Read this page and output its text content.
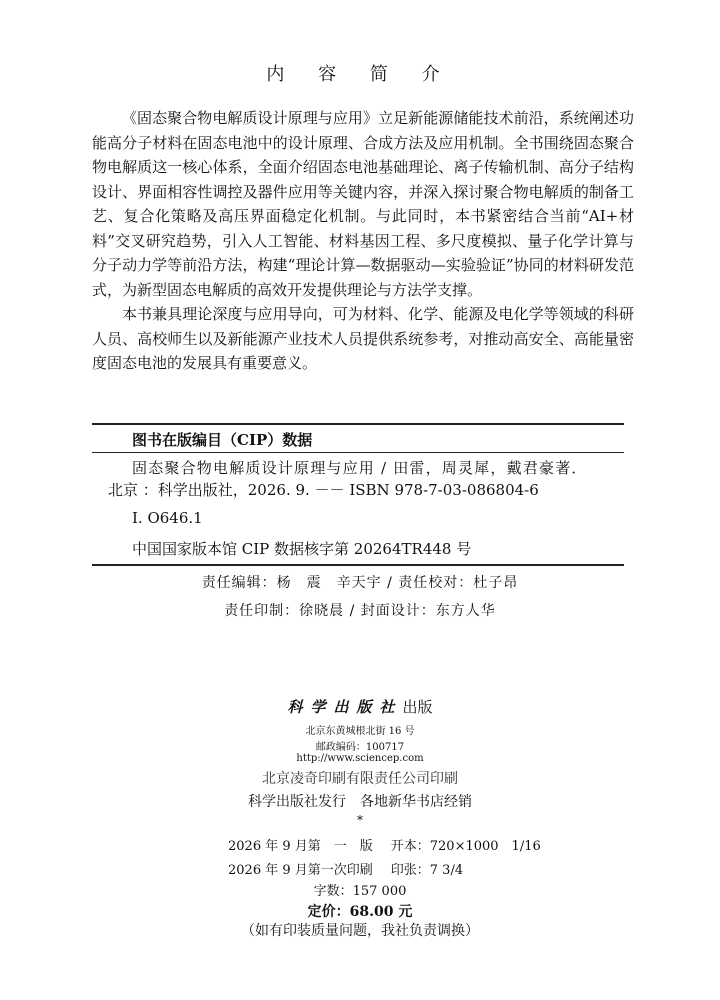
内 容 简 介

《固态聚合物电解质设计原理与应用》立足新能源储能技术前沿，系统阐述功能高分子材料在固态电池中的设计原理、合成方法及应用机制。全书围绕固态聚合物电解质这一核心体系，全面介绍固态电池基础理论、离子传输机制、高分子结构设计、界面相容性调控及器件应用等关键内容，并深入探讨聚合物电解质的制备工艺、复合化策略及高压界面稳定化机制。与此同时，本书紧密结合当前“AI+材料”交叉研究趋势，引入人工智能、材料基因工程、多尺度模拟、量子化学计算与分子动力学等前沿方法，构建“理论计算—数据驱动—实验验证”协同的材料研发范式，为新型固态电解质的高效开发提供理论与方法学支撑。

本书兼具理论深度与应用导向，可为材料、化学、能源及电化学等领域的科研人员、高校师生以及新能源产业技术人员提供系统参考，对推动高安全、高能量密度固态电池的发展具有重要意义。

图书在版编目（CIP）数据
固态聚合物电解质设计原理与应用 / 田雷，周灵犀，戴君豪著．
北京 ：科学出版社，2026. 9. －－ ISBN 978-7-03-086804-6
Ⅰ. O646.1
中国国家版本馆 CIP 数据核字第 20264TR448 号
责任编辑：杨　震　辛天宇 / 责任校对：杜子昂
责任印制：徐晓晨 / 封面设计：东方人华
科学出版社出版
北京东黄城根北街 16 号
邮政编码：100717
http://www.sciencep.com
北京凌奇印刷有限责任公司印刷
科学出版社发行　各地新华书店经销
*
2026 年 9 月第　一　版 开本：720×1000　1/16
2026 年 9 月第一次印刷 印张：7 3/4
字数：157 000
定价：68.00 元
（如有印装质量问题，我社负责调换）
